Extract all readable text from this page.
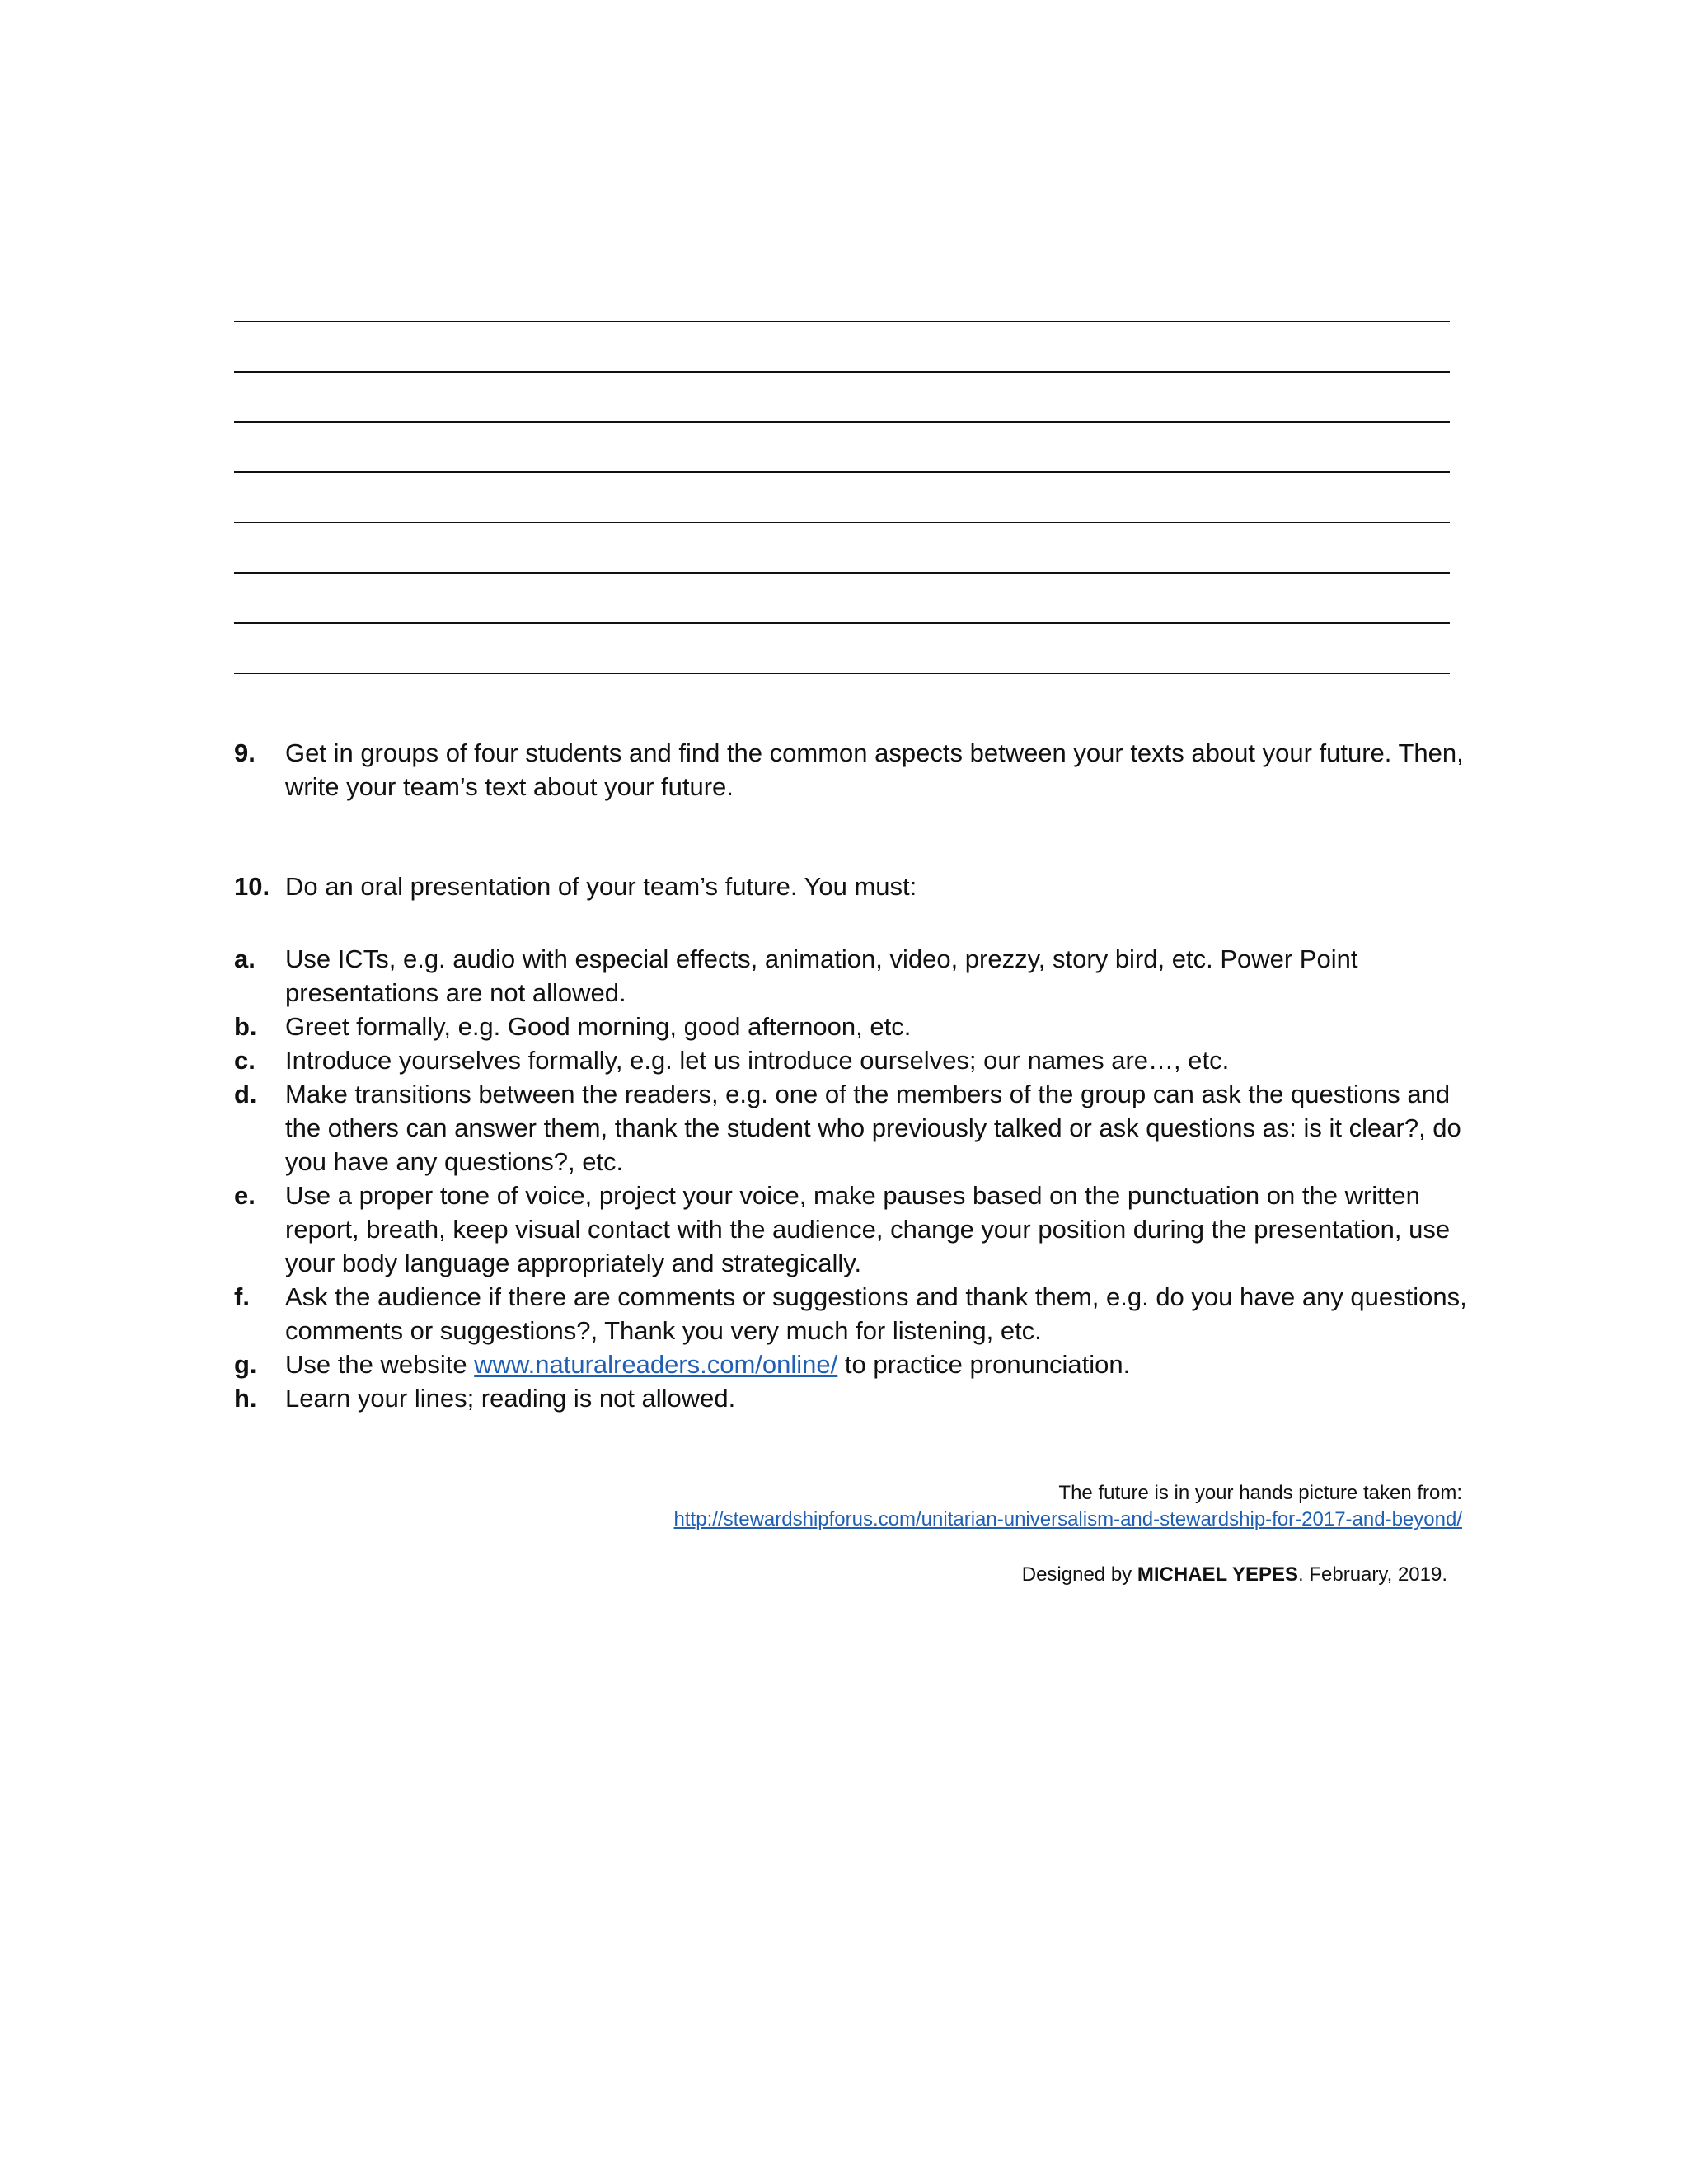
9. Get in groups of four students and find the common aspects between your texts about your future. Then, write your team’s text about your future.
10. Do an oral presentation of your team’s future. You must:
a. Use ICTs, e.g. audio with especial effects, animation, video, prezzy, story bird, etc. Power Point presentations are not allowed.
b. Greet formally, e.g. Good morning, good afternoon, etc.
c. Introduce yourselves formally, e.g. let us introduce ourselves; our names are…, etc.
d. Make transitions between the readers, e.g. one of the members of the group can ask the questions and the others can answer them, thank the student who previously talked or ask questions as: is it clear?, do you have any questions?, etc.
e. Use a proper tone of voice, project your voice, make pauses based on the punctuation on the written report, breath, keep visual contact with the audience, change your position during the presentation, use your body language appropriately and strategically.
f. Ask the audience if there are comments or suggestions and thank them, e.g. do you have any questions, comments or suggestions?, Thank you very much for listening, etc.
g. Use the website www.naturalreaders.com/online/ to practice pronunciation.
h. Learn your lines; reading is not allowed.
The future is in your hands picture taken from:
http://stewardshipforus.com/unitarian-universalism-and-stewardship-for-2017-and-beyond/
Designed by MICHAEL YEPES. February, 2019.
